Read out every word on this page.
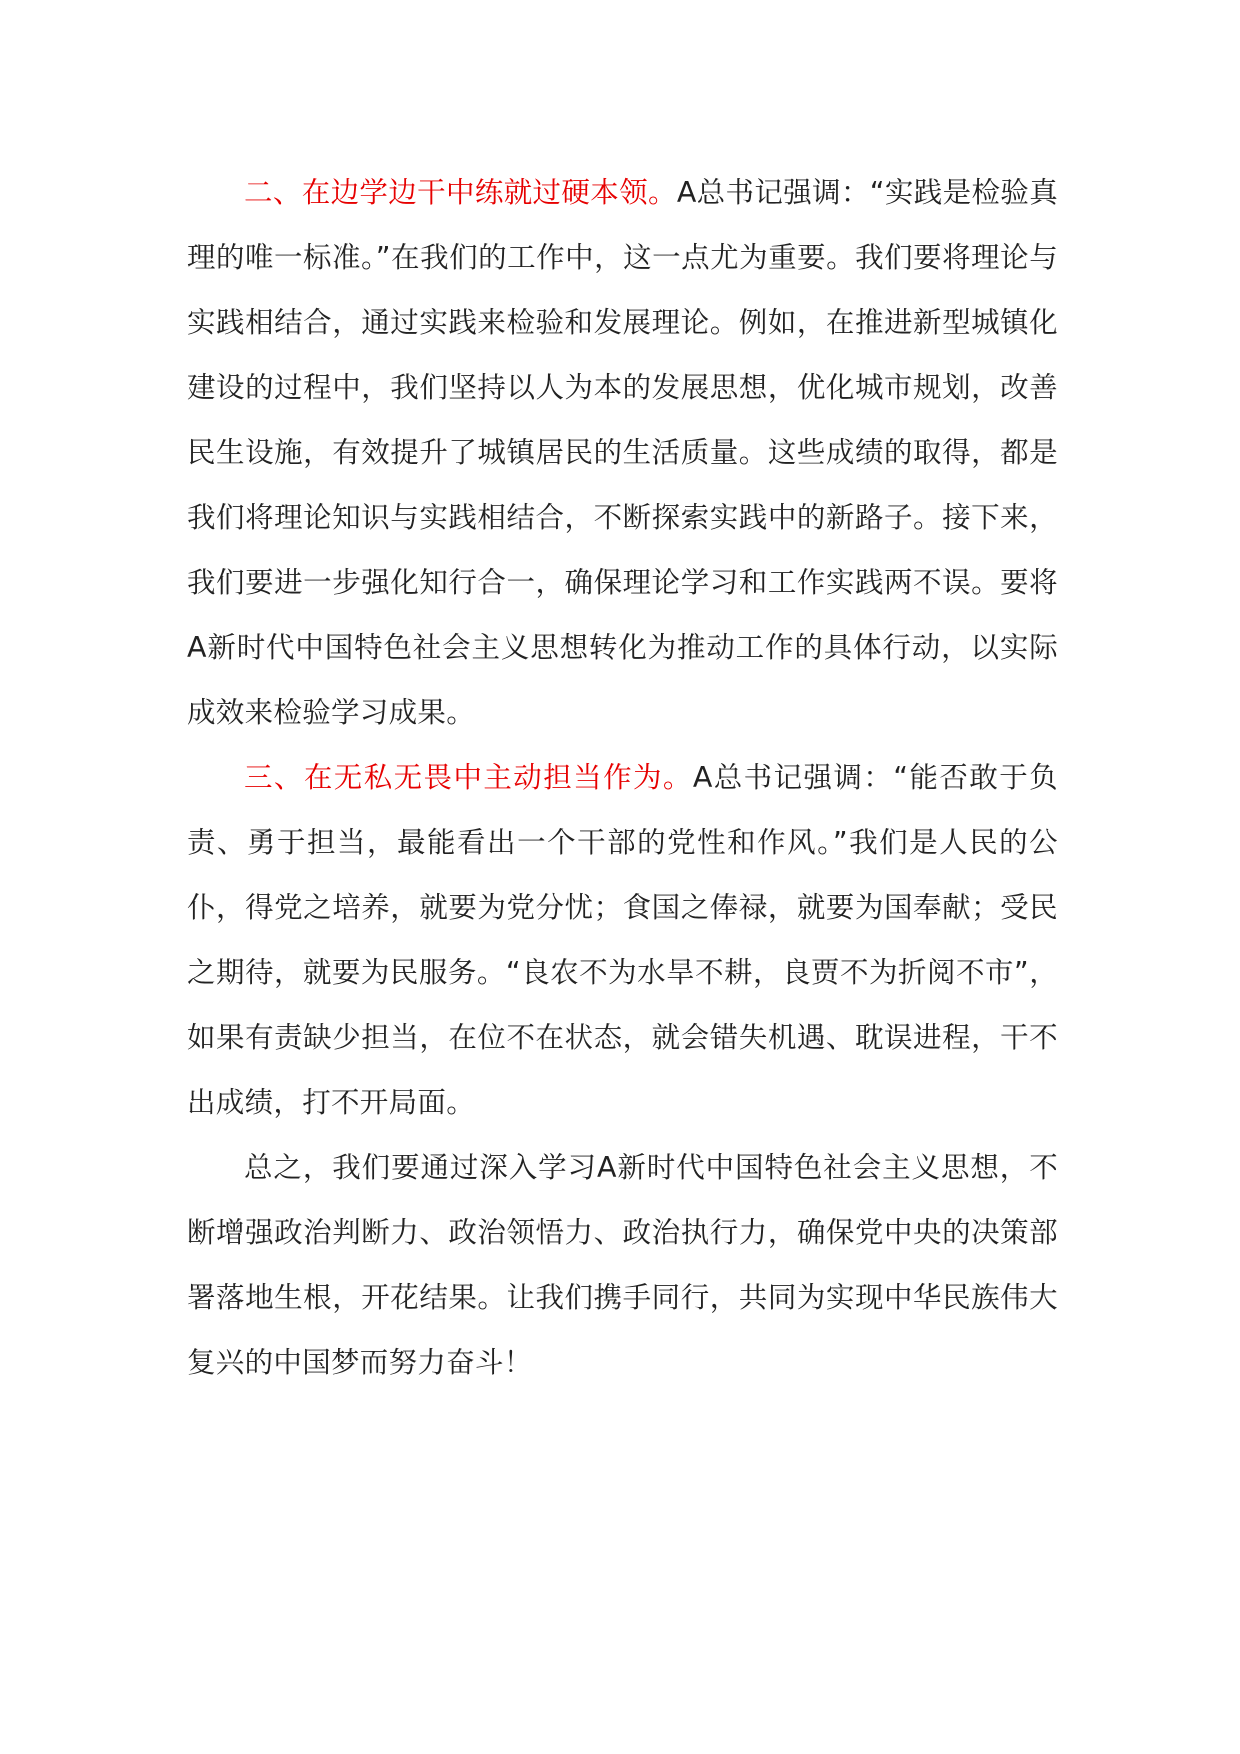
二、在边学边干中练就过硬本领。A总书记强调：“实践是检验真理的唯一标准。”在我们的工作中，这一点尤为重要。我们要将理论与实践相结合，通过实践来检验和发展理论。例如，在推进新型城镇化建设的过程中，我们坚持以人为本的发展思想，优化城市规划，改善民生设施，有效提升了城镇居民的生活质量。这些成绩的取得，都是我们将理论知识与实践相结合，不断探索实践中的新路子。接下来，我们要进一步强化知行合一，确保理论学习和工作实践两不误。要将A新时代中国特色社会主义思想转化为推动工作的具体行动，以实际成效来检验学习成果。

三、在无私无畏中主动担当作为。A总书记强调：“能否敢于负责、勇于担当，最能看出一个干部的党性和作风。”我们是人民的公仆，得党之培养，就要为党分忧；食国之俸禄，就要为国奉献；受民之期待，就要为民服务。“良农不为水旱不耕，良贾不为折阅不市”，如果有责缺少担当，在位不在状态，就会错失机遇、耽误进程，干不出成绩，打不开局面。

总之，我们要通过深入学习A新时代中国特色社会主义思想，不断增强政治判断力、政治领悟力、政治执行力，确保党中央的决策部署落地生根，开花结果。让我们携手同行，共同为实现中华民族伟大复兴的中国梦而努力奋斗！
